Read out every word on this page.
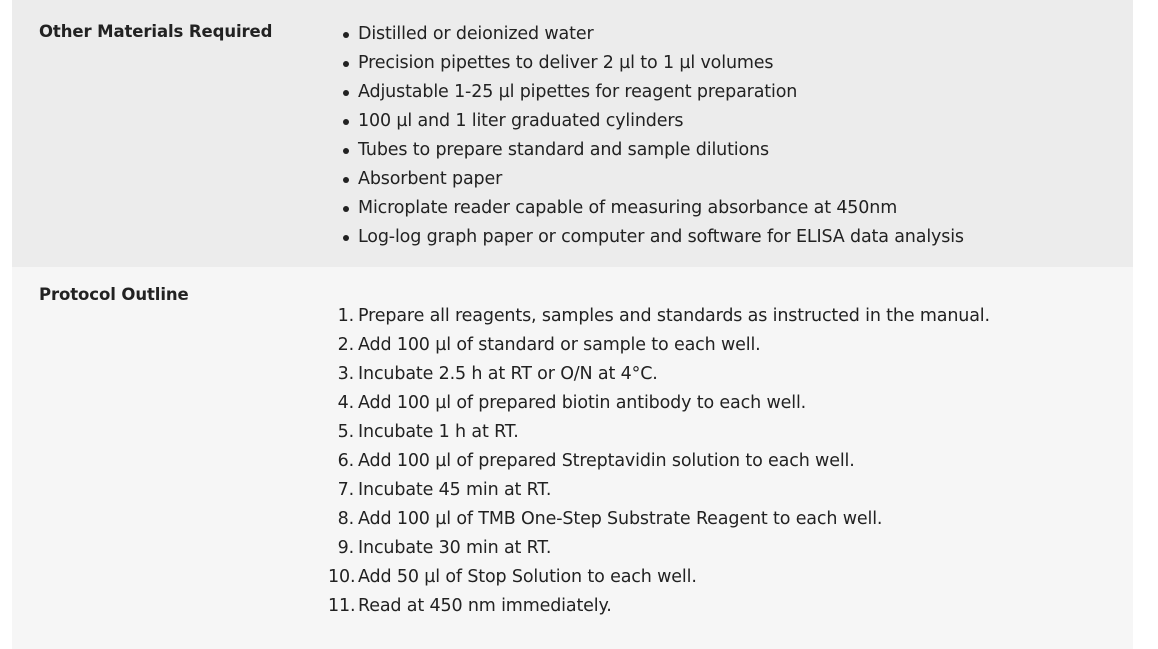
Other Materials Required	Distilled or deionized water
Precision pipettes to deliver 2 µl to 1 µl volumes
Adjustable 1-25 µl pipettes for reagent preparation
100 µl and 1 liter graduated cylinders
Tubes to prepare standard and sample dilutions
Absorbent paper
Microplate reader capable of measuring absorbance at 450nm
Log-log graph paper or computer and software for ELISA data analysis
Protocol Outline
1. Prepare all reagents, samples and standards as instructed in the manual.
2. Add 100 µl of standard or sample to each well.
3. Incubate 2.5 h at RT or O/N at 4°C.
4. Add 100 µl of prepared biotin antibody to each well.
5. Incubate 1 h at RT.
6. Add 100 µl of prepared Streptavidin solution to each well.
7. Incubate 45 min at RT.
8. Add 100 µl of TMB One-Step Substrate Reagent to each well.
9. Incubate 30 min at RT.
10. Add 50 µl of Stop Solution to each well.
11. Read at 450 nm immediately.
